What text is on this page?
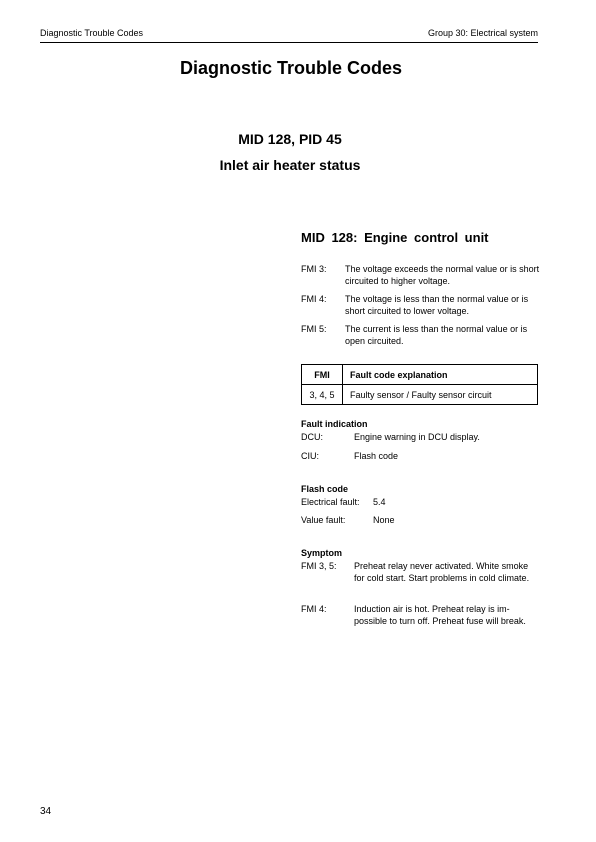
Diagnostic Trouble Codes	Group 30: Electrical system
Diagnostic Trouble Codes
MID 128, PID 45
Inlet air heater status
MID 128: Engine control unit
FMI 3: The voltage exceeds the normal value or is short circuited to higher voltage.
FMI 4: The voltage is less than the normal value or is short circuited to lower voltage.
FMI 5: The current is less than the normal value or is open circuited.
FMI	Fault code explanation
3, 4, 5	Faulty sensor / Faulty sensor circuit
Fault indication
DCU:	Engine warning in DCU display.
CIU:	Flash code
Flash code
Electrical fault: 5.4
Value fault:	None
Symptom
FMI 3, 5: Preheat relay never activated. White smoke for cold start. Start problems in cold climate.
FMI 4:	Induction air is hot. Preheat relay is im-possible to turn off. Preheat fuse will break.
34
